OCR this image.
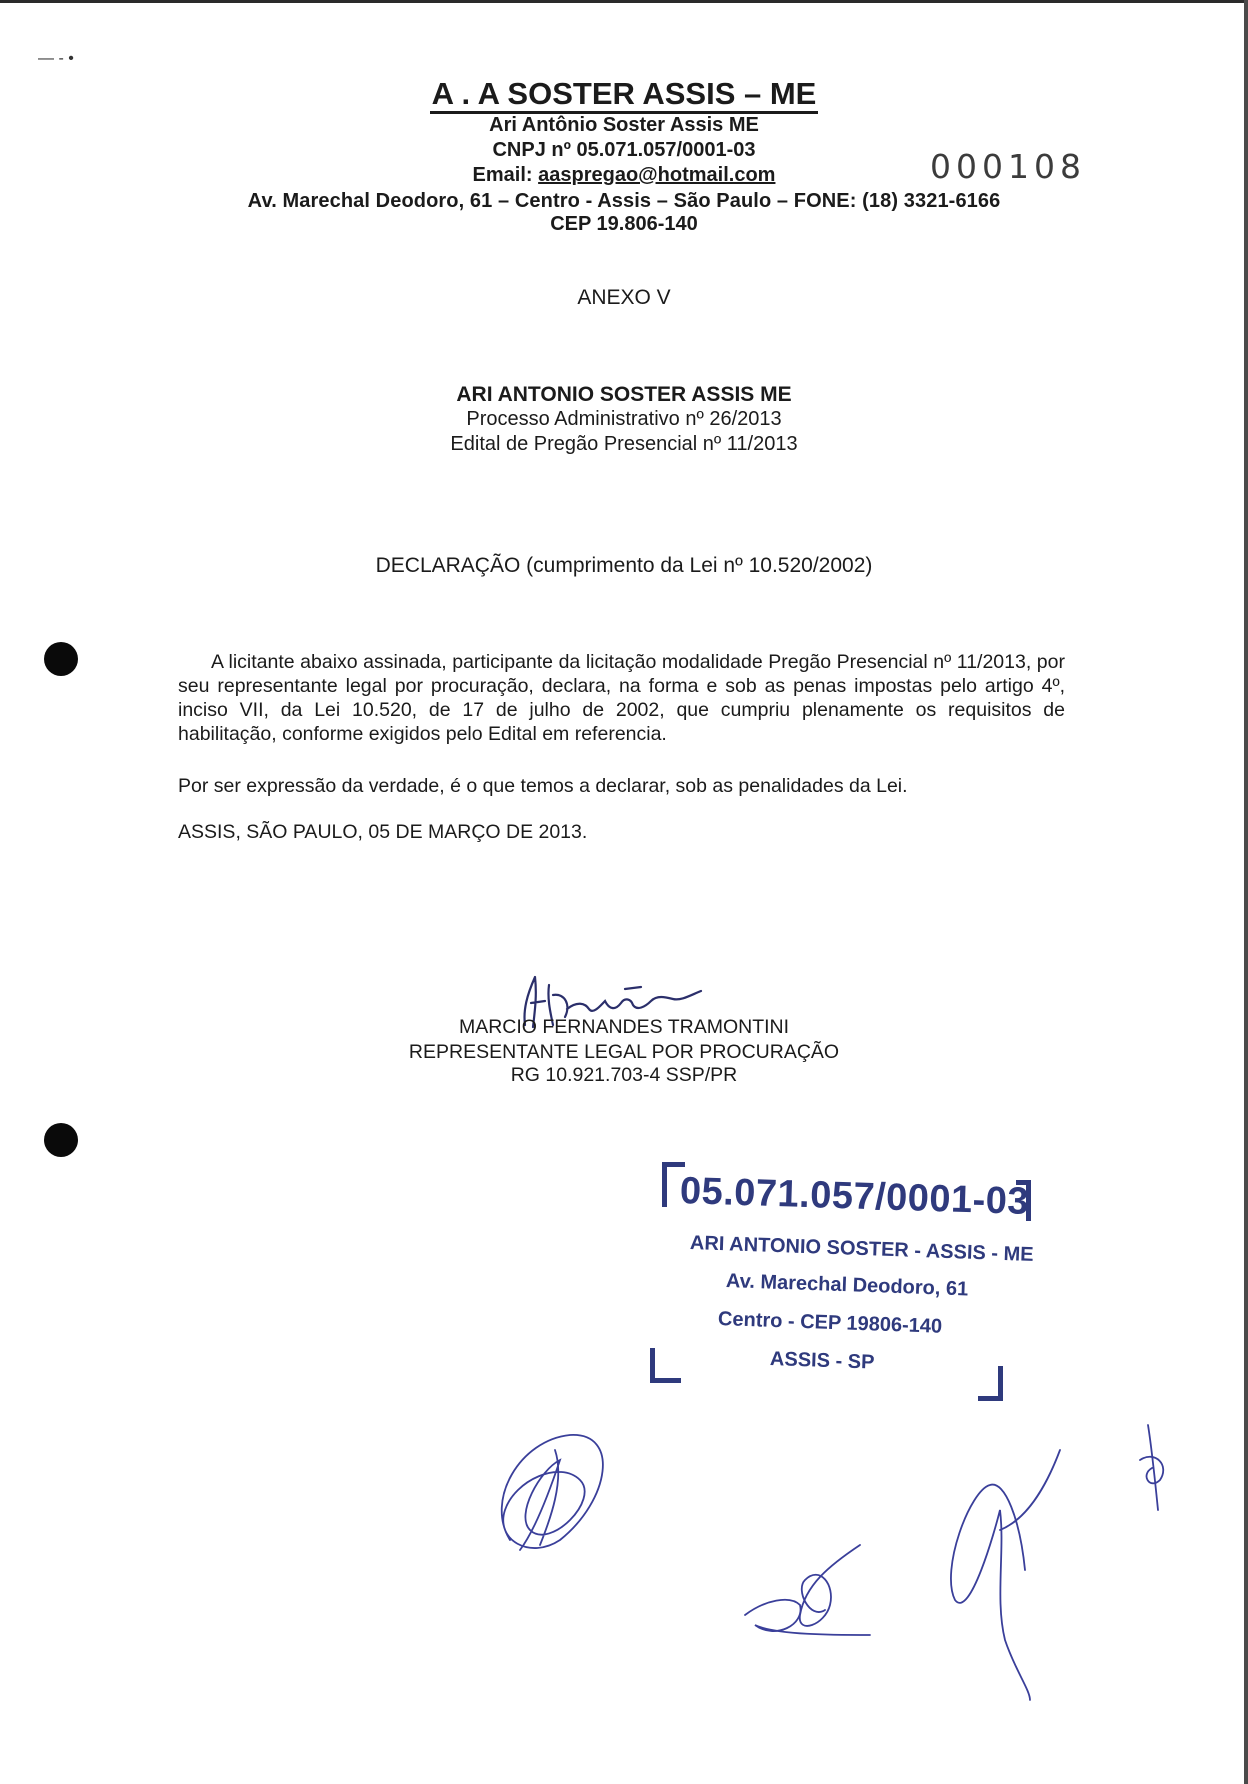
— - •
A . A SOSTER ASSIS – ME
Ari Antônio Soster Assis ME
CNPJ nº 05.071.057/0001-03
Email: aaspregao@hotmail.com
Av. Marechal Deodoro, 61 – Centro - Assis – São Paulo – FONE: (18) 3321-6166
CEP 19.806-140
000108
ANEXO V
ARI ANTONIO SOSTER ASSIS ME
Processo Administrativo nº 26/2013
Edital de Pregão Presencial nº 11/2013
DECLARAÇÃO (cumprimento da Lei nº 10.520/2002)
A licitante abaixo assinada, participante da licitação modalidade Pregão Presencial nº 11/2013, por seu representante legal por procuração, declara, na forma e sob as penas impostas pelo artigo 4º, inciso VII, da Lei 10.520, de 17 de julho de 2002, que cumpriu plenamente os requisitos de habilitação, conforme exigidos pelo Edital em referencia.
Por ser expressão da verdade, é o que temos a declarar, sob as penalidades da Lei.
ASSIS, SÃO PAULO, 05 DE MARÇO DE 2013.
MARCIO FERNANDES TRAMONTINI
REPRESENTANTE LEGAL POR PROCURAÇÃO
RG 10.921.703-4 SSP/PR
05.071.057/0001-03
ARI ANTONIO SOSTER - ASSIS - ME
Av. Marechal Deodoro, 61
Centro - CEP 19806-140
ASSIS - SP
